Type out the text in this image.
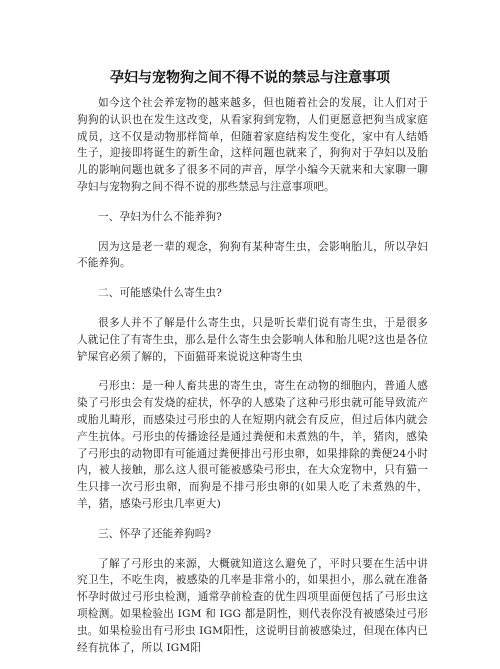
孕妇与宠物狗之间不得不说的禁忌与注意事项

如今这个社会养宠物的越来越多，但也随着社会的发展，让人们对于狗狗的认识也在发生这改变，从看家狗到宠物，人们更愿意把狗当成家庭成员，这不仅是动物那样简单，但随着家庭结构发生变化，家中有人结婚生子，迎接即将诞生的新生命，这样问题也就来了，狗狗对于孕妇以及胎儿的影响问题也就多了很多不同的声音，厚学小编今天就来和大家聊一聊孕妇与宠物狗之间不得不说的那些禁忌与注意事项吧。

一、孕妇为什么不能养狗?

因为这是老一辈的观念，狗狗有某种寄生虫，会影响胎儿，所以孕妇不能养狗。

二、可能感染什么寄生虫?

很多人并不了解是什么寄生虫，只是听长辈们说有寄生虫，于是很多人就记住了有寄生虫，那么是什么寄生虫会影响人体和胎儿呢?这也是各位铲屎官必须了解的，下面猫哥来说说这种寄生虫

弓形虫：是一种人畜共患的寄生虫，寄生在动物的细胞内，普通人感染了弓形虫会有发烧的症状，怀孕的人感染了这种弓形虫就可能导致流产或胎儿畸形，而感染过弓形虫的人在短期内就会有反应，但过后体内就会产生抗体。弓形虫的传播途径是通过粪便和未煮熟的牛，羊，猪肉，感染了弓形虫的动物即有可能通过粪便排出弓形虫卵，如果排除的粪便24小时内，被人接触，那么这人很可能被感染弓形虫，在大众宠物中，只有猫一生只排一次弓形虫卵，而狗是不排弓形虫卵的(如果人吃了未煮熟的牛，羊，猪，感染弓形虫几率更大)

三、怀孕了还能养狗吗?

了解了弓形虫的来源，大概就知道这么避免了，平时只要在生活中讲究卫生，不吃生肉，被感染的几率是非常小的，如果担小，那么就在准备怀孕时做过弓形虫检测，通常孕前检查的优生四项里面便包括了弓形虫这项检测。如果检验出 IGM 和 IGG 都是阴性，则代表你没有被感染过弓形虫。如果检验出有弓形虫 IGM阳性，这说明目前被感染过，但现在体内已经有抗体了，所以 IGM阳
